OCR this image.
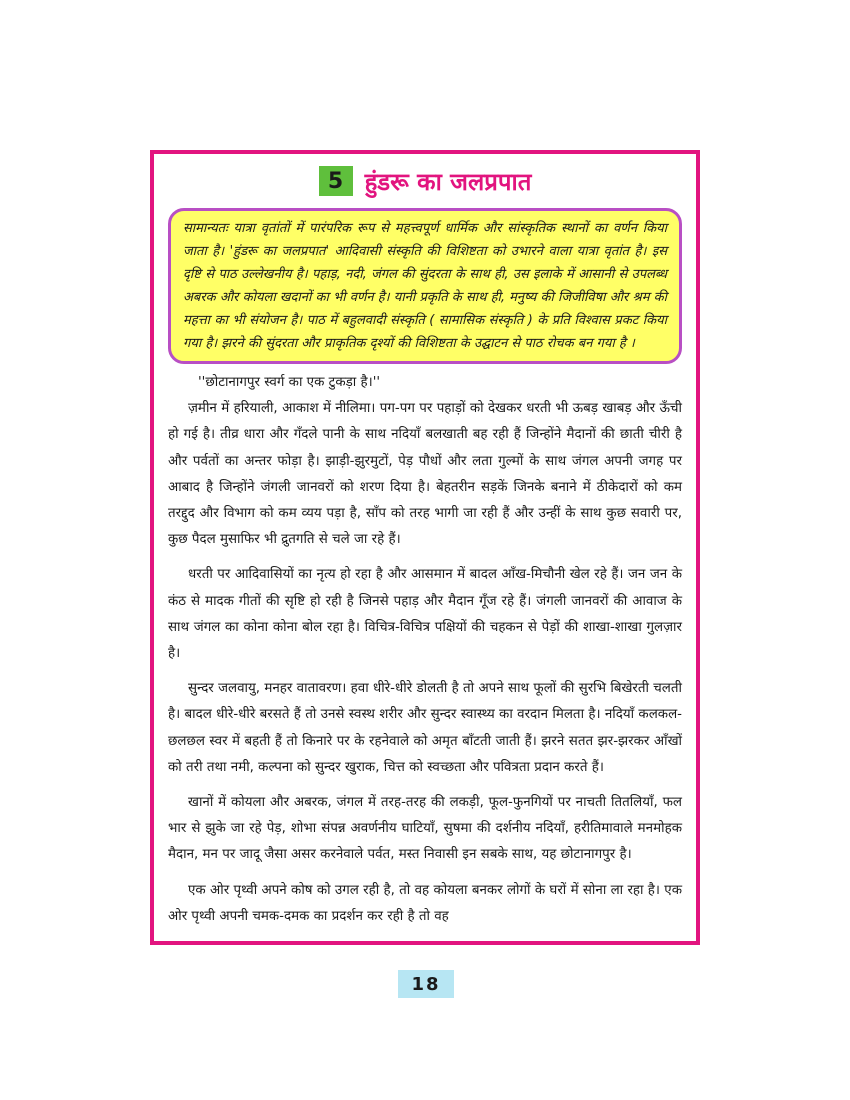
5 हुंडरू का जलप्रपात
सामान्यतः यात्रा वृतांतों में पारंपरिक रूप से महत्त्वपूर्ण धार्मिक और सांस्कृतिक स्थानों का वर्णन किया जाता है। 'हुंडरू का जलप्रपात' आदिवासी संस्कृति की विशिष्टता को उभारने वाला यात्रा वृतांत है। इस दृष्टि से पाठ उल्लेखनीय है। पहाड़, नदी, जंगल की सुंदरता के साथ ही, उस इलाके में आसानी से उपलब्ध अबरक और कोयला खदानों का भी वर्णन है। यानी प्रकृति के साथ ही, मनुष्य की जिजीविषा और श्रम की महत्ता का भी संयोजन है। पाठ में बहुलवादी संस्कृति ( सामासिक संस्कृति ) के प्रति विश्वास प्रकट किया गया है। झरने की सुंदरता और प्राकृतिक दृश्यों की विशिष्टता के उद्घाटन से पाठ रोचक बन गया है ।

''छोटानागपुर स्वर्ग का एक टुकड़ा है।''

ज़मीन में हरियाली, आकाश में नीलिमा। पग-पग पर पहाड़ों को देखकर धरती भी ऊबड़ खाबड़ और ऊँची हो गई है। तीव्र धारा और गँदले पानी के साथ नदियाँ बलखाती बह रही हैं जिन्होंने मैदानों की छाती चीरी है और पर्वतों का अन्तर फोड़ा है। झाड़ी-झुरमुटों, पेड़ पौधों और लता गुल्मों के साथ जंगल अपनी जगह पर आबाद है जिन्होंने जंगली जानवरों को शरण दिया है। बेहतरीन सड़कें जिनके बनाने में ठीकेदारों को कम तरद्दुद और विभाग को कम व्यय पड़ा है, साँप को तरह भागी जा रही हैं और उन्हीं के साथ कुछ सवारी पर, कुछ पैदल मुसाफिर भी द्रुतगति से चले जा रहे हैं।

धरती पर आदिवासियों का नृत्य हो रहा है और आसमान में बादल आँख-मिचौनी खेल रहे हैं। जन जन के कंठ से मादक गीतों की सृष्टि हो रही है जिनसे पहाड़ और मैदान गूँज रहे हैं। जंगली जानवरों की आवाज के साथ जंगल का कोना कोना बोल रहा है। विचित्र-विचित्र पक्षियों की चहकन से पेड़ों की शाखा-शाखा गुलज़ार है।

सुन्दर जलवायु, मनहर वातावरण। हवा धीरे-धीरे डोलती है तो अपने साथ फूलों की सुरभि बिखेरती चलती है। बादल धीरे-धीरे बरसते हैं तो उनसे स्वस्थ शरीर और सुन्दर स्वास्थ्य का वरदान मिलता है। नदियाँ कलकल-छलछल स्वर में बहती हैं तो किनारे पर के रहनेवाले को अमृत बाँटती जाती हैं। झरने सतत झर-झरकर आँखों को तरी तथा नमी, कल्पना को सुन्दर खुराक, चित्त को स्वच्छता और पवित्रता प्रदान करते हैं।

खानों में कोयला और अबरक, जंगल में तरह-तरह की लकड़ी, फूल-फुनगियों पर नाचती तितलियाँ, फल भार से झुके जा रहे पेड़, शोभा संपन्न अवर्णनीय घाटियाँ, सुषमा की दर्शनीय नदियाँ, हरीतिमावाले मनमोहक मैदान, मन पर जादू जैसा असर करनेवाले पर्वत, मस्त निवासी इन सबके साथ, यह छोटानागपुर है।

एक ओर पृथ्वी अपने कोष को उगल रही है, तो वह कोयला बनकर लोगों के घरों में सोना ला रहा है। एक ओर पृथ्वी अपनी चमक-दमक का प्रदर्शन कर रही है तो वह

18
